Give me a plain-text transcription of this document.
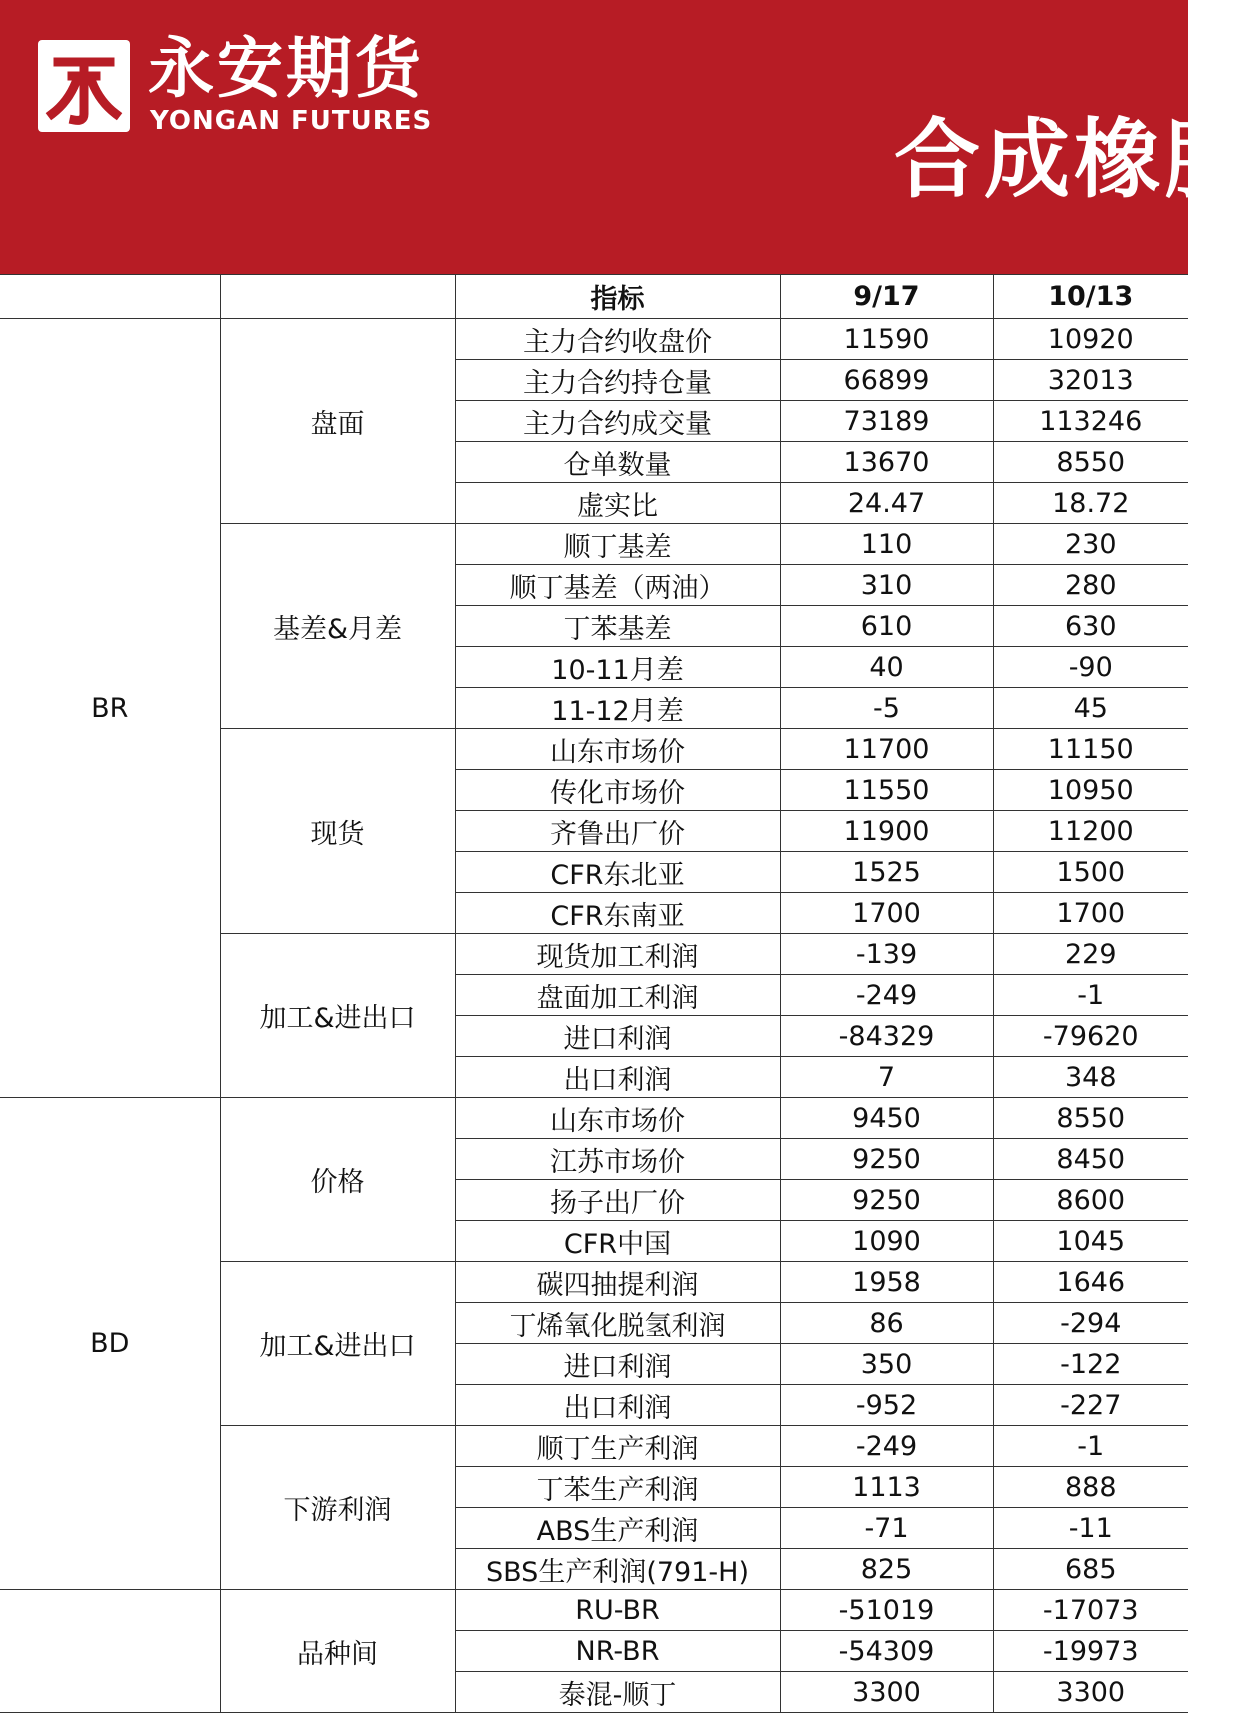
永安期货
YONGAN FUTURES	合成橡胶
		指标	9/17	10/13
BR	盘面	主力合约收盘价	11590	10920
		主力合约持仓量	66899	32013
		主力合约成交量	73189	113246
		仓单数量	13670	8550
		虚实比	24.47	18.72
	基差&月差	顺丁基差	110	230
		顺丁基差（两油）	310	280
		丁苯基差	610	630
		10-11月差	40	-90
		11-12月差	-5	45
	现货	山东市场价	11700	11150
		传化市场价	11550	10950
		齐鲁出厂价	11900	11200
		CFR东北亚	1525	1500
		CFR东南亚	1700	1700
	加工&进出口	现货加工利润	-139	229
		盘面加工利润	-249	-1
		进口利润	-84329	-79620
		出口利润	7	348
BD	价格	山东市场价	9450	8550
		江苏市场价	9250	8450
		扬子出厂价	9250	8600
		CFR中国	1090	1045
	加工&进出口	碳四抽提利润	1958	1646
		丁烯氧化脱氢利润	86	-294
		进口利润	350	-122
		出口利润	-952	-227
	下游利润	顺丁生产利润	-249	-1
		丁苯生产利润	1113	888
		ABS生产利润	-71	-11
		SBS生产利润(791-H)	825	685
	品种间	RU-BR	-51019	-17073
		NR-BR	-54309	-19973
		泰混-顺丁	3300	3300
